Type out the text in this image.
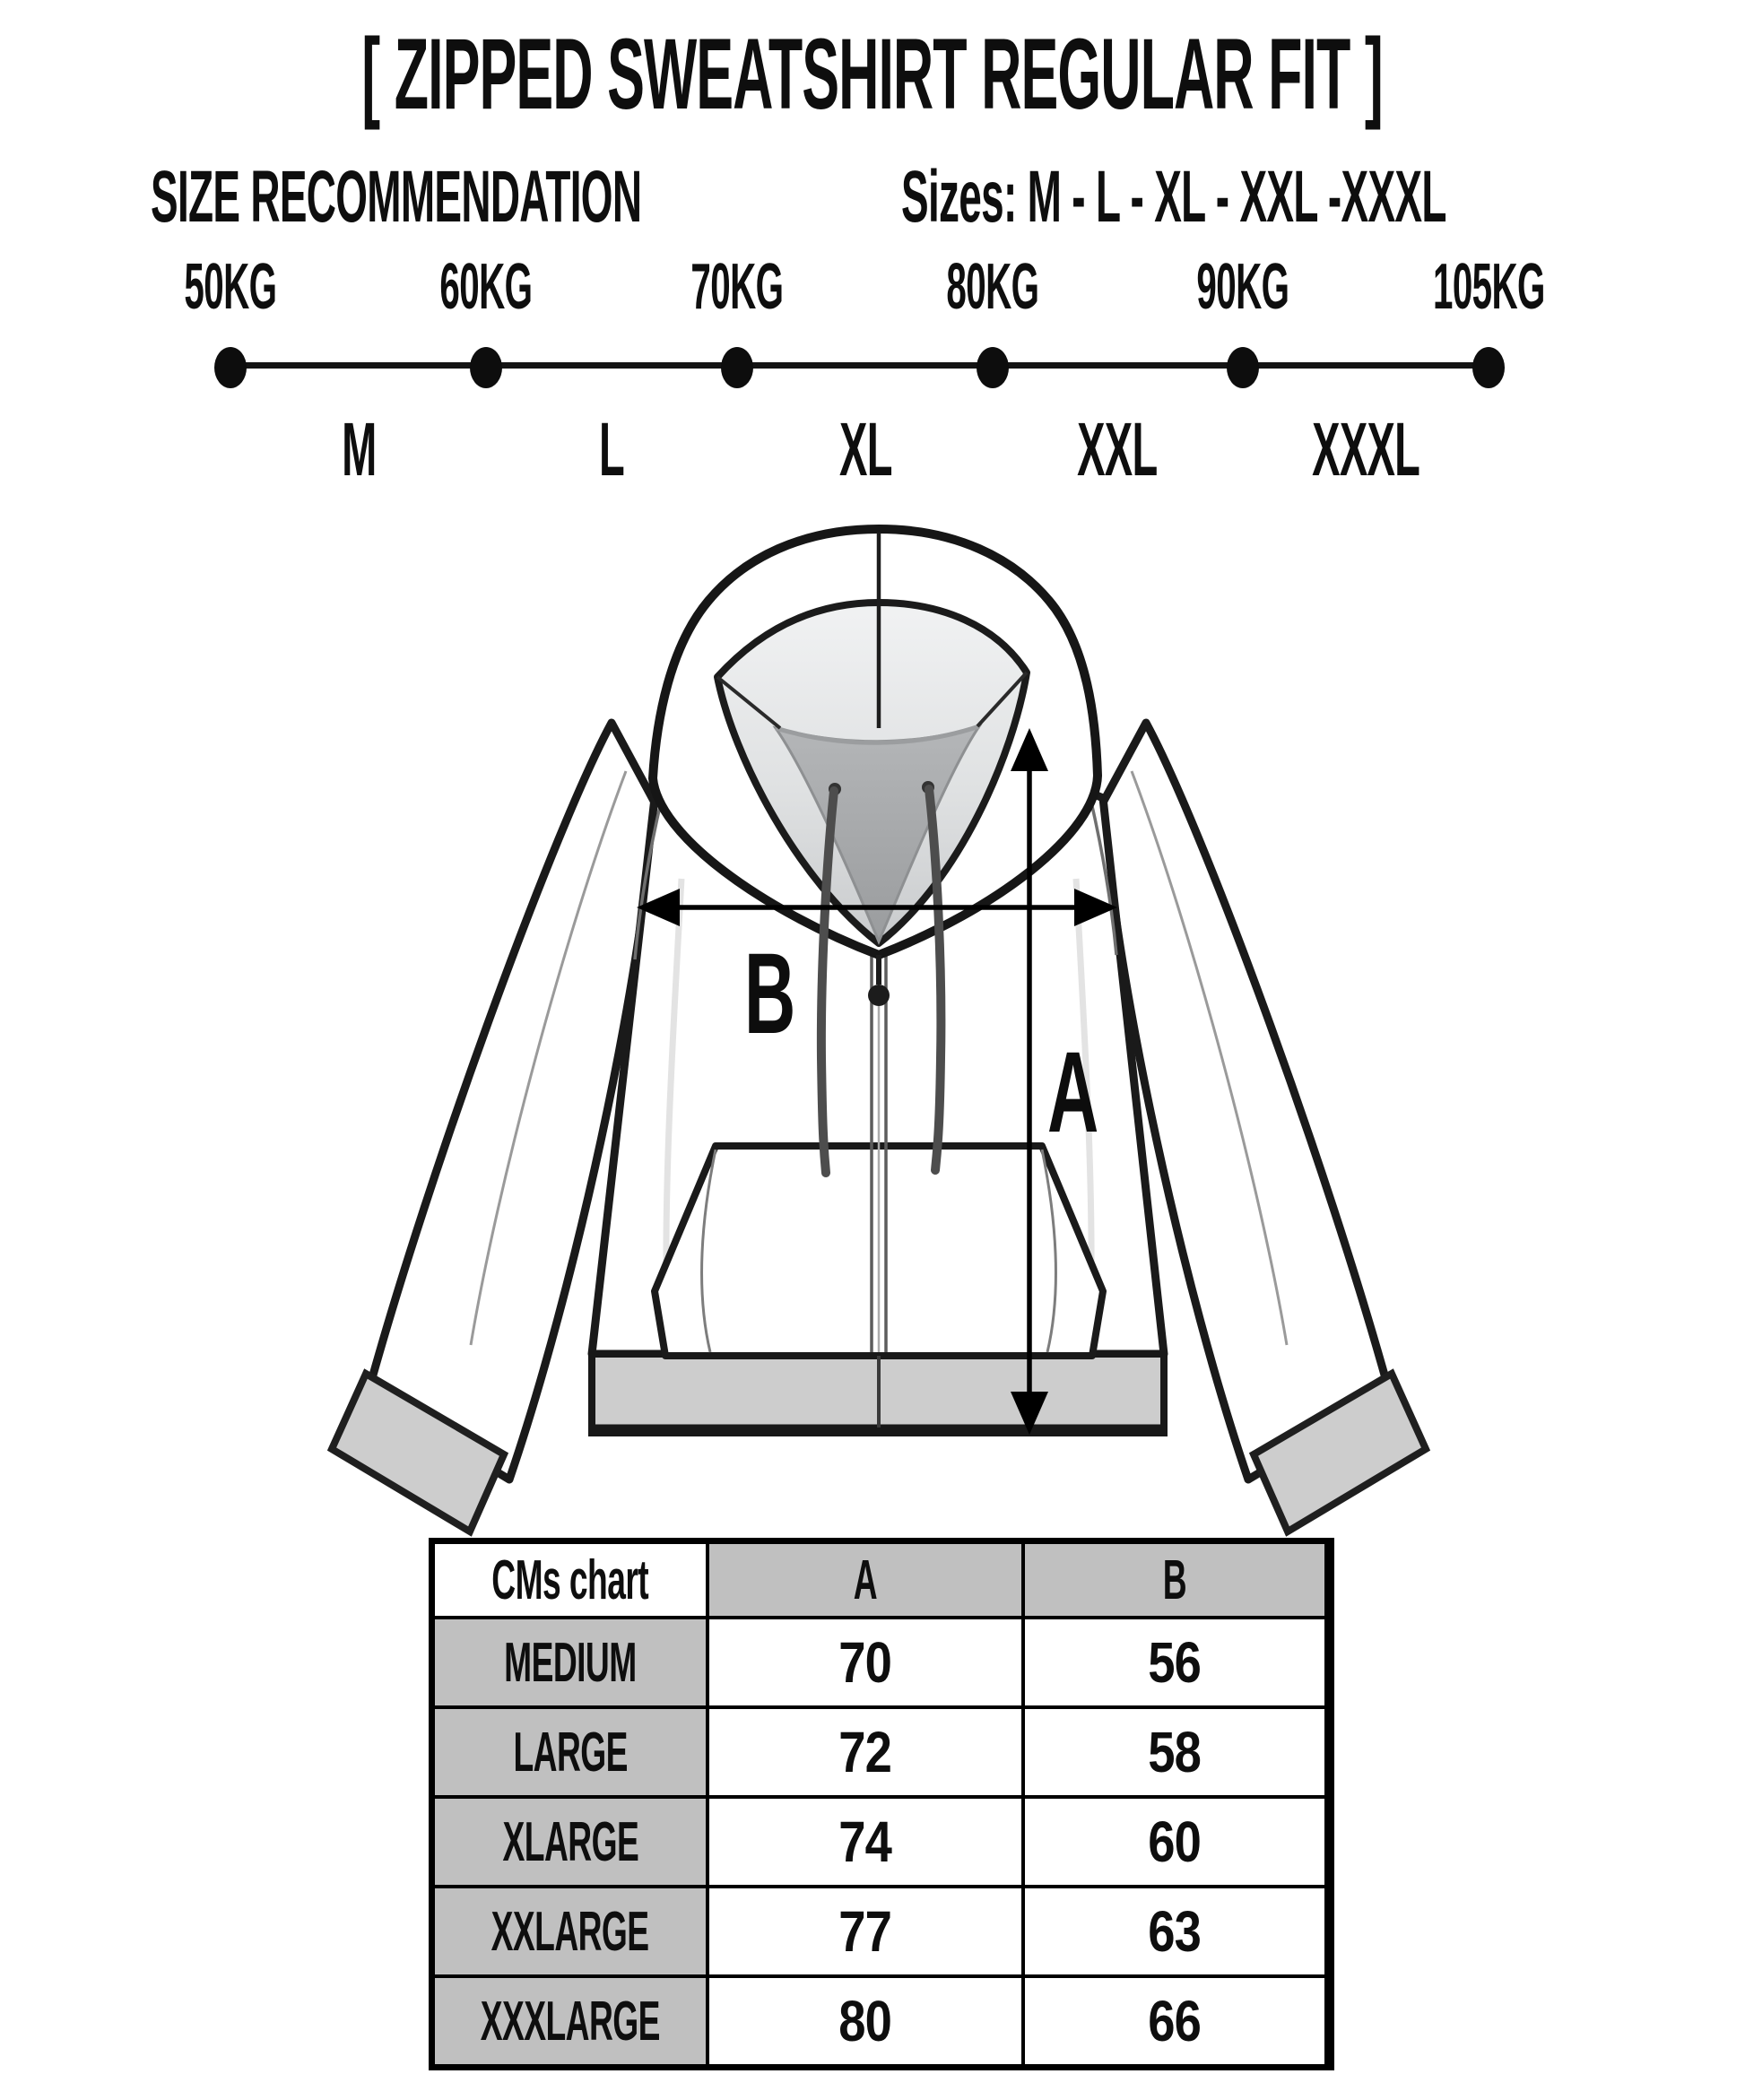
[ ZIPPED SWEATSHIRT REGULAR FIT ]
SIZE RECOMMENDATION	Sizes: M - L - XL - XXL -XXXL
50KG	60KG 70KG	80KG 90KG 105KG
M	L	XL XXL XXXL
B
A
CMs chart	A	B
MEDIUM	70	56
LARGE	72	58
XLARGE	74	60
XXLARGE	77	63
XXXLARGE	80	66
